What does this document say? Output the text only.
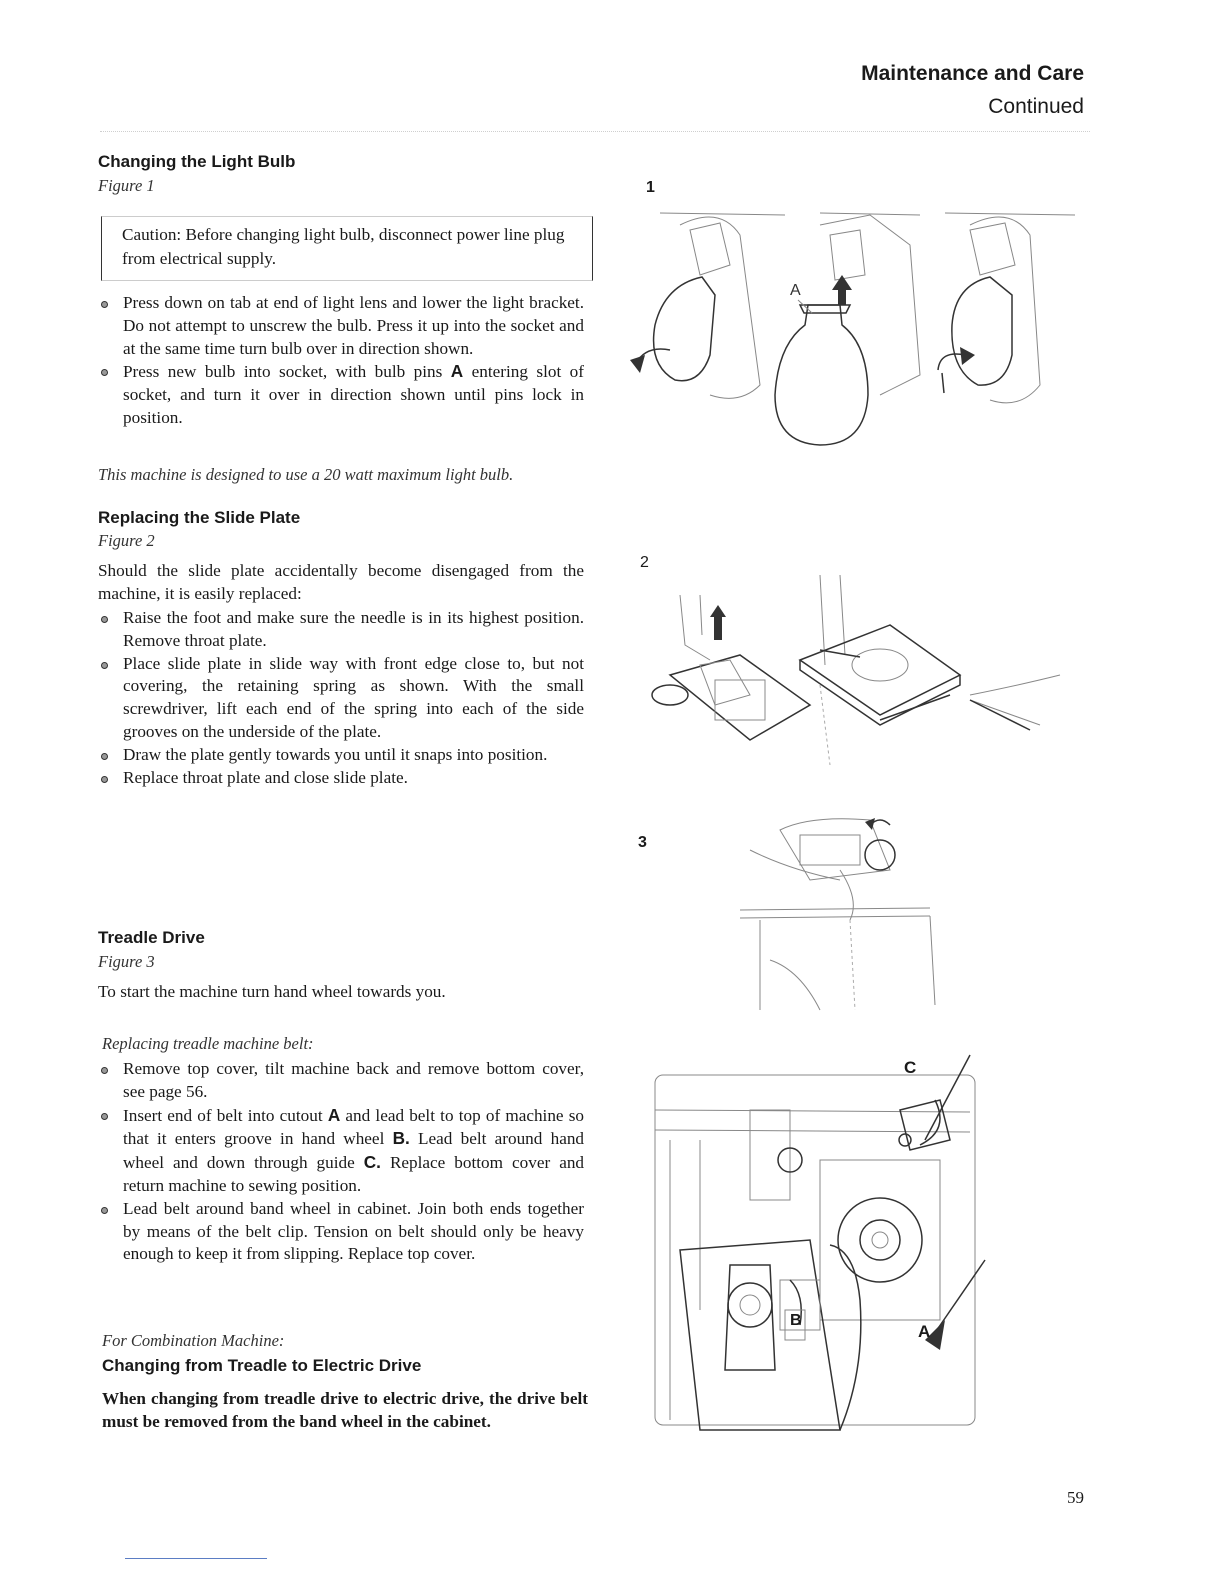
Maintenance and Care
Continued
Changing the Light Bulb
Figure 1
Caution: Before changing light bulb, disconnect power line plug from electrical supply.
Press down on tab at end of light lens and lower the light bracket. Do not attempt to unscrew the bulb. Press it up into the socket and at the same time turn bulb over in direction shown.
Press new bulb into socket, with bulb pins A entering slot of socket, and turn it over in direction shown until pins lock in position.
This machine is designed to use a 20 watt maximum light bulb.
Replacing the Slide Plate
Figure 2
Should the slide plate accidentally become disengaged from the machine, it is easily replaced:
Raise the foot and make sure the needle is in its highest position. Remove throat plate.
Place slide plate in slide way with front edge close to, but not covering, the retaining spring as shown. With the small screwdriver, lift each end of the spring into each of the side grooves on the underside of the plate.
Draw the plate gently towards you until it snaps into position.
Replace throat plate and close slide plate.
Treadle Drive
Figure 3
To start the machine turn hand wheel towards you.
Replacing treadle machine belt:
Remove top cover, tilt machine back and remove bottom cover, see page 56.
Insert end of belt into cutout A and lead belt to top of machine so that it enters groove in hand wheel B. Lead belt around hand wheel and down through guide C. Replace bottom cover and return machine to sewing position.
Lead belt around band wheel in cabinet. Join both ends together by means of the belt clip. Tension on belt should only be heavy enough to keep it from slipping. Replace top cover.
For Combination Machine:
Changing from Treadle to Electric Drive
When changing from treadle drive to electric drive, the drive belt must be removed from the band wheel in the cabinet.
1
2
3
A
C
B
A
59
